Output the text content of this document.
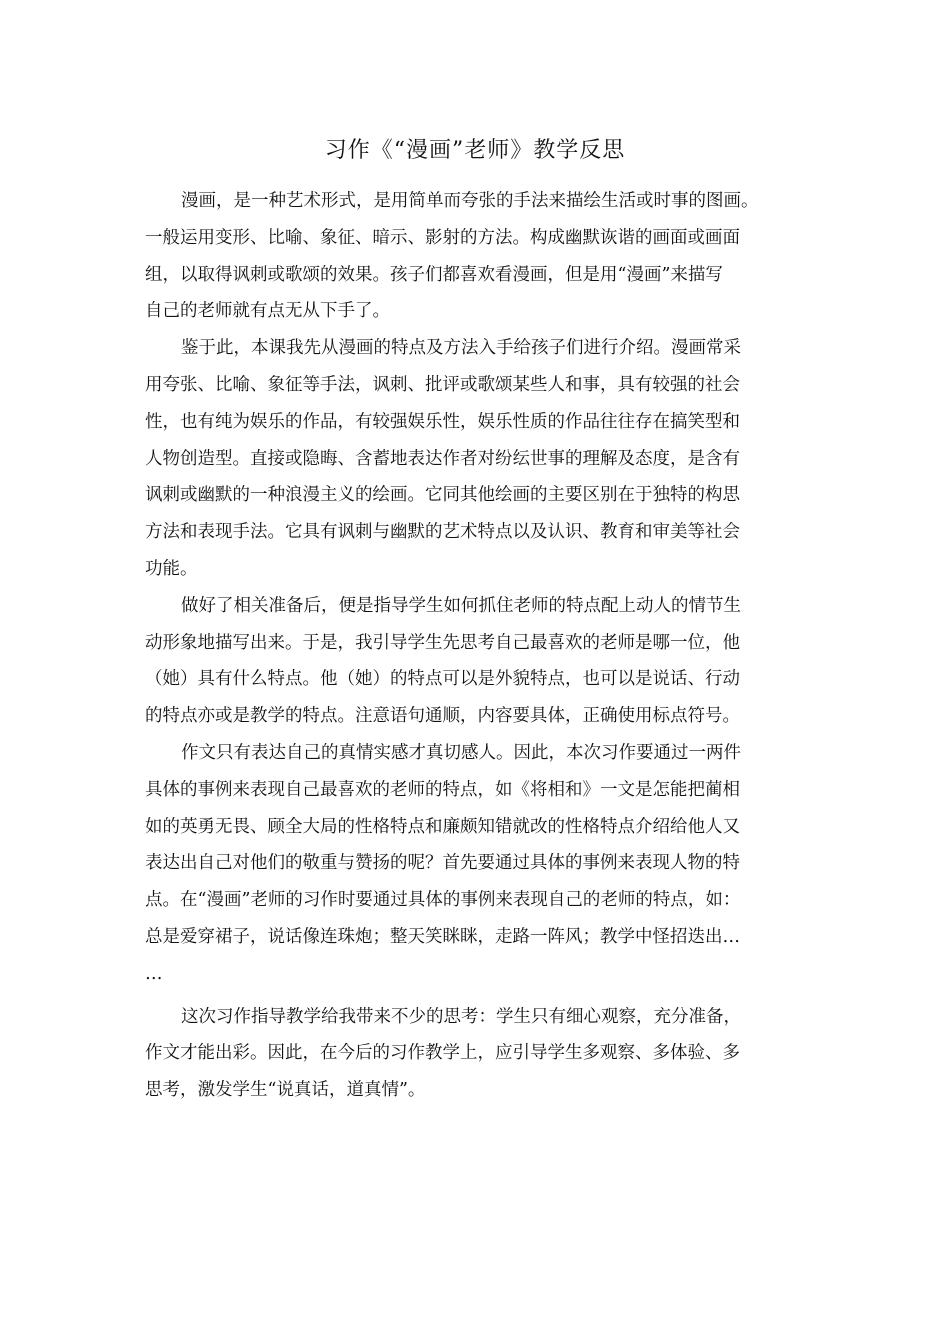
习作《“漫画”老师》教学反思
漫画，是一种艺术形式，是用简单而夸张的手法来描绘生活或时事的图画。
一般运用变形、比喻、象征、暗示、影射的方法。构成幽默诙谐的画面或画面
组，以取得讽刺或歌颂的效果。孩子们都喜欢看漫画，但是用“漫画”来描写
自己的老师就有点无从下手了。
鉴于此，本课我先从漫画的特点及方法入手给孩子们进行介绍。漫画常采
用夸张、比喻、象征等手法，讽刺、批评或歌颂某些人和事，具有较强的社会
性，也有纯为娱乐的作品，有较强娱乐性，娱乐性质的作品往往存在搞笑型和
人物创造型。直接或隐晦、含蓄地表达作者对纷纭世事的理解及态度，是含有
讽刺或幽默的一种浪漫主义的绘画。它同其他绘画的主要区别在于独特的构思
方法和表现手法。它具有讽刺与幽默的艺术特点以及认识、教育和审美等社会
功能。
做好了相关准备后，便是指导学生如何抓住老师的特点配上动人的情节生
动形象地描写出来。于是，我引导学生先思考自己最喜欢的老师是哪一位，他
（她）具有什么特点。他（她）的特点可以是外貌特点，也可以是说话、行动
的特点亦或是教学的特点。注意语句通顺，内容要具体，正确使用标点符号。
作文只有表达自己的真情实感才真切感人。因此，本次习作要通过一两件
具体的事例来表现自己最喜欢的老师的特点，如《将相和》一文是怎能把蔺相
如的英勇无畏、顾全大局的性格特点和廉颇知错就改的性格特点介绍给他人又
表达出自己对他们的敬重与赞扬的呢？首先要通过具体的事例来表现人物的特
点。在“漫画”老师的习作时要通过具体的事例来表现自己的老师的特点，如：
总是爱穿裙子，说话像连珠炮；整天笑眯眯，走路一阵风；教学中怪招迭出…
…
这次习作指导教学给我带来不少的思考：学生只有细心观察，充分准备，
作文才能出彩。因此，在今后的习作教学上，应引导学生多观察、多体验、多
思考，激发学生“说真话，道真情”。
